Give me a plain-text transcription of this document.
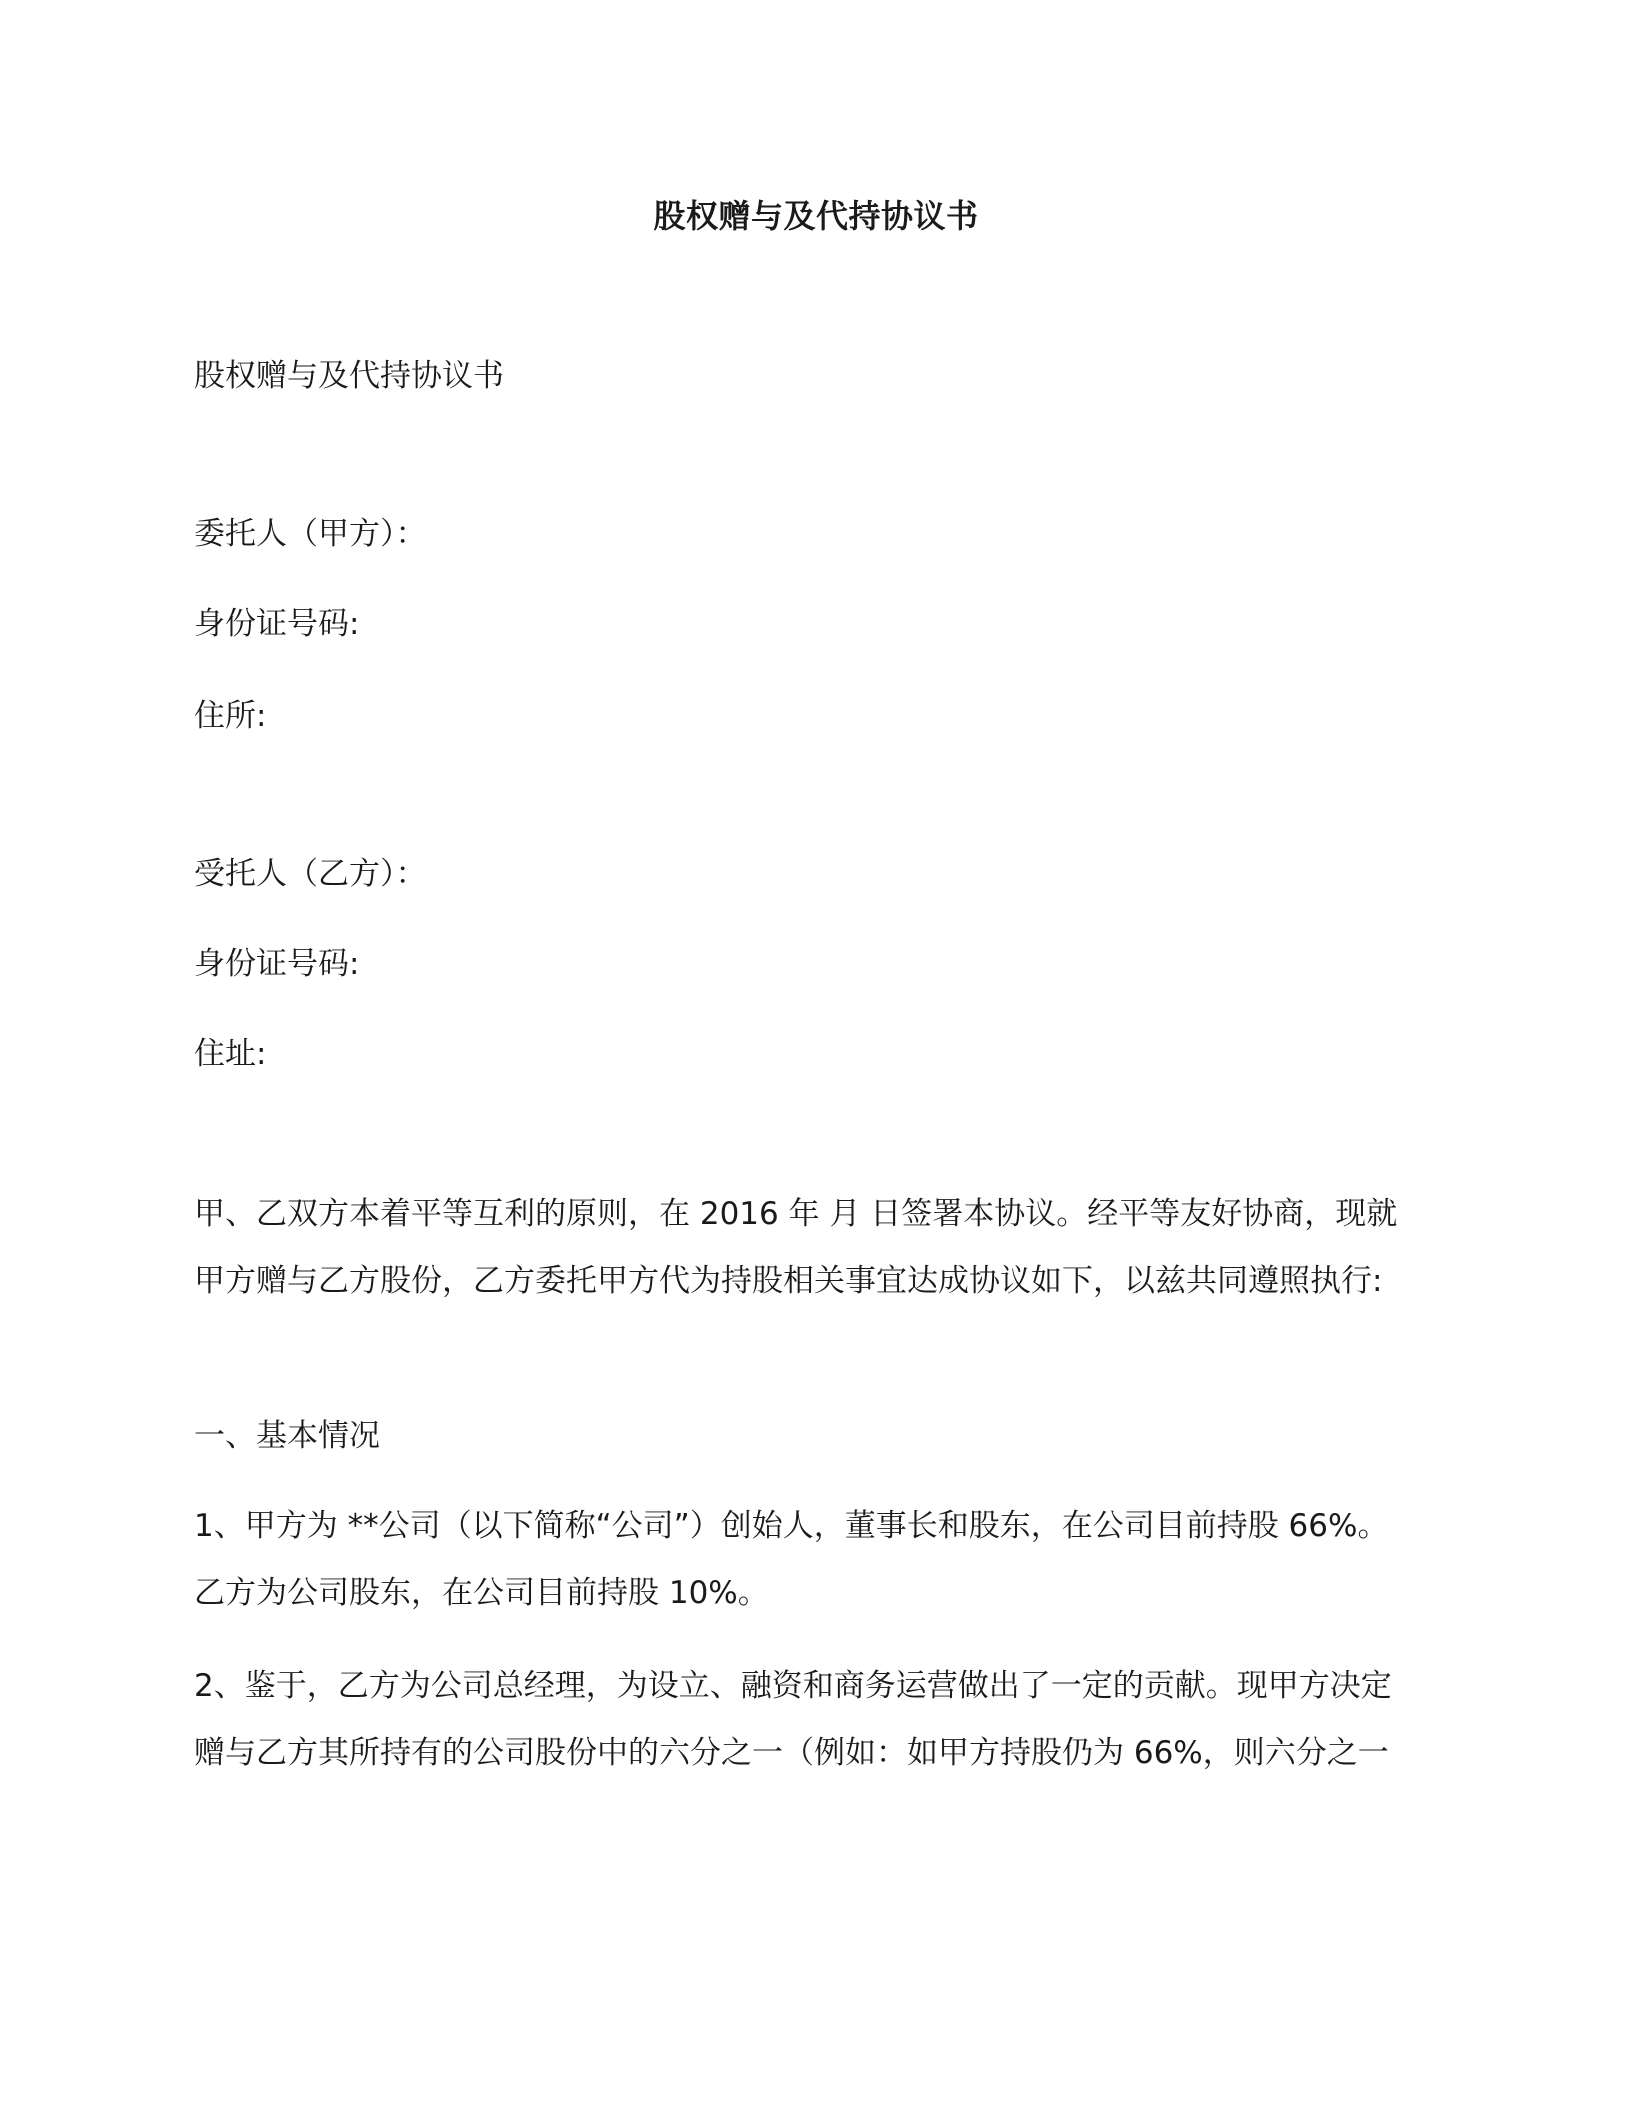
股权赠与及代持协议书
股权赠与及代持协议书
委托人（甲方）：
身份证号码:
住所:
受托人（乙方）：
身份证号码:
住址:
甲、乙双方本着平等互利的原则，在 2016 年 月 日签署本协议。经平等友好协商，现就
甲方赠与乙方股份，乙方委托甲方代为持股相关事宜达成协议如下，以兹共同遵照执行:
一、基本情况
1、甲方为 **公司（以下简称“公司”）创始人，董事长和股东，在公司目前持股 66%。
乙方为公司股东，在公司目前持股 10%。
2、鉴于，乙方为公司总经理，为设立、融资和商务运营做出了一定的贡献。现甲方决定
赠与乙方其所持有的公司股份中的六分之一（例如：如甲方持股仍为 66%，则六分之一
